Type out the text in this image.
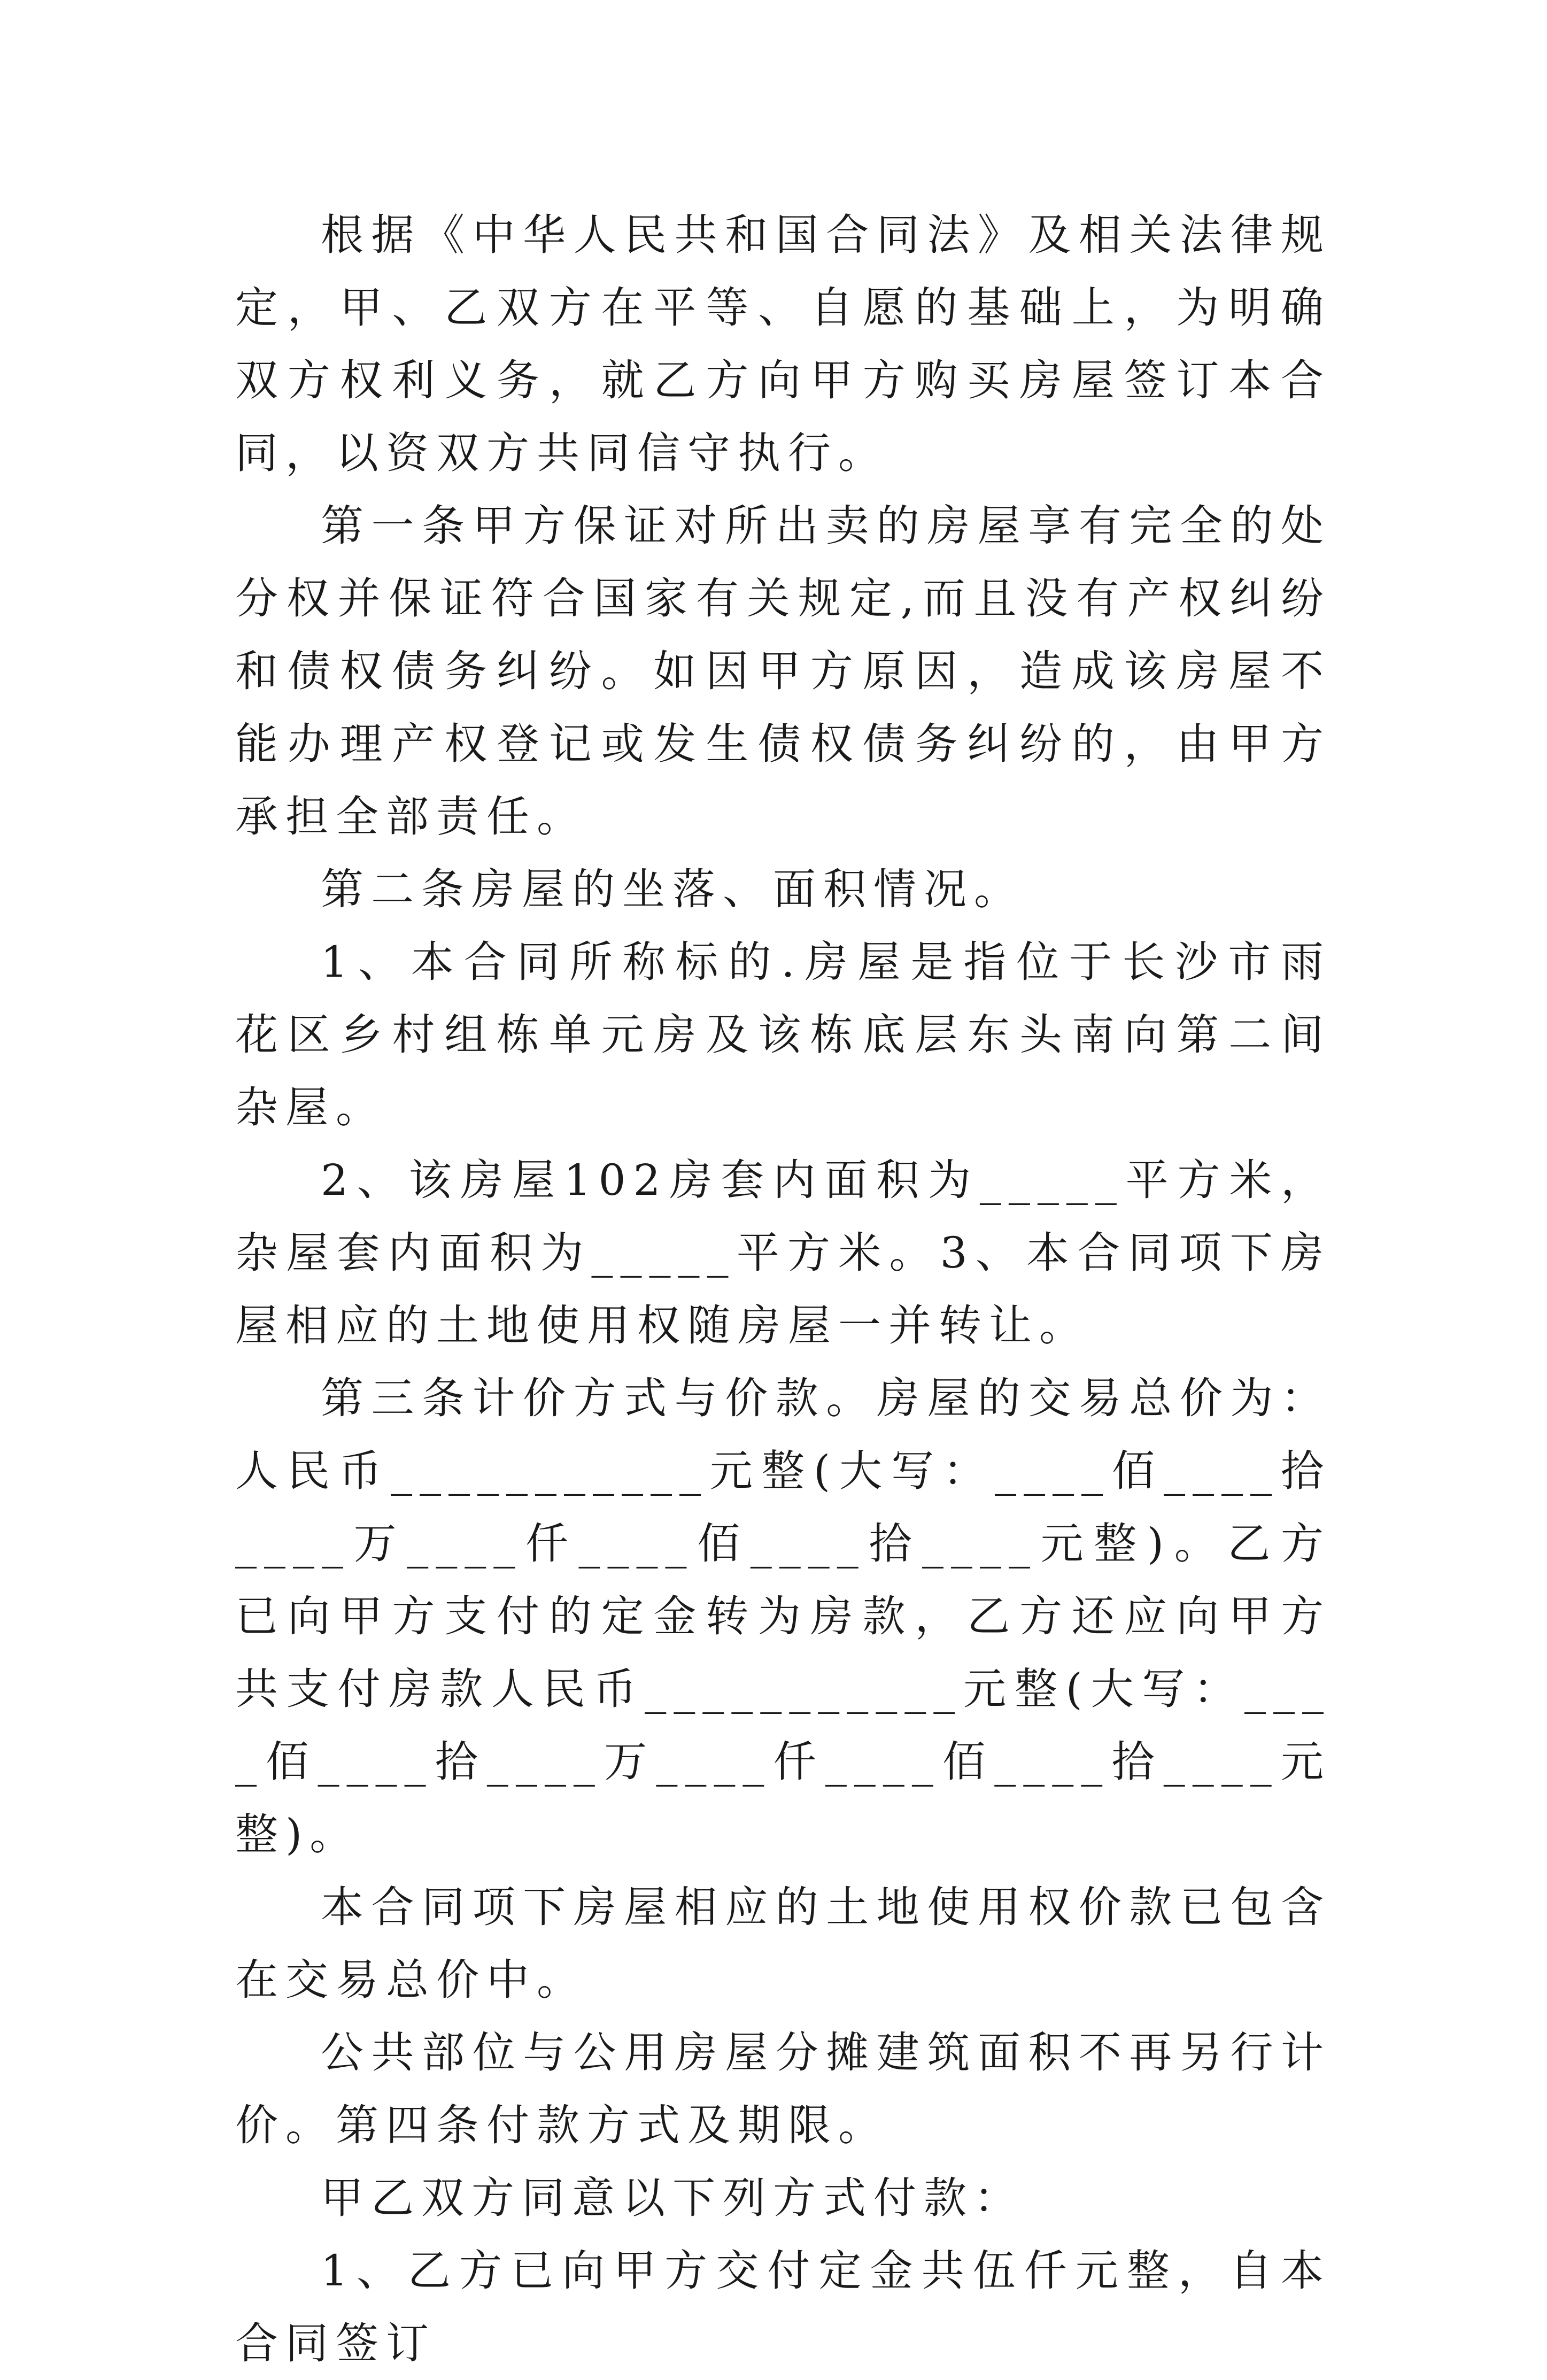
根据《中华人民共和国合同法》及相关法律规定，甲、乙双方在平等、自愿的基础上，为明确双方权利义务，就乙方向甲方购买房屋签订本合同，以资双方共同信守执行。

第一条甲方保证对所出卖的房屋享有完全的处分权并保证符合国家有关规定,而且没有产权纠纷和债权债务纠纷。如因甲方原因，造成该房屋不能办理产权登记或发生债权债务纠纷的，由甲方承担全部责任。

第二条房屋的坐落、面积情况。

1、本合同所称标的.房屋是指位于长沙市雨花区乡村组栋单元房及该栋底层东头南向第二间杂屋。

2、该房屋102房套内面积为_____平方米，杂屋套内面积为_____平方米。3、本合同项下房屋相应的土地使用权随房屋一并转让。

第三条计价方式与价款。房屋的交易总价为：人民币___________元整(大写：____佰____拾____万____仟____佰____拾____元整)。乙方已向甲方支付的定金转为房款，乙方还应向甲方共支付房款人民币___________元整(大写：____佰____拾____万____仟____佰____拾____元整)。

本合同项下房屋相应的土地使用权价款已包含在交易总价中。

公共部位与公用房屋分摊建筑面积不再另行计价。第四条付款方式及期限。

甲乙双方同意以下列方式付款：

1、乙方已向甲方交付定金共伍仟元整，自本合同签订
